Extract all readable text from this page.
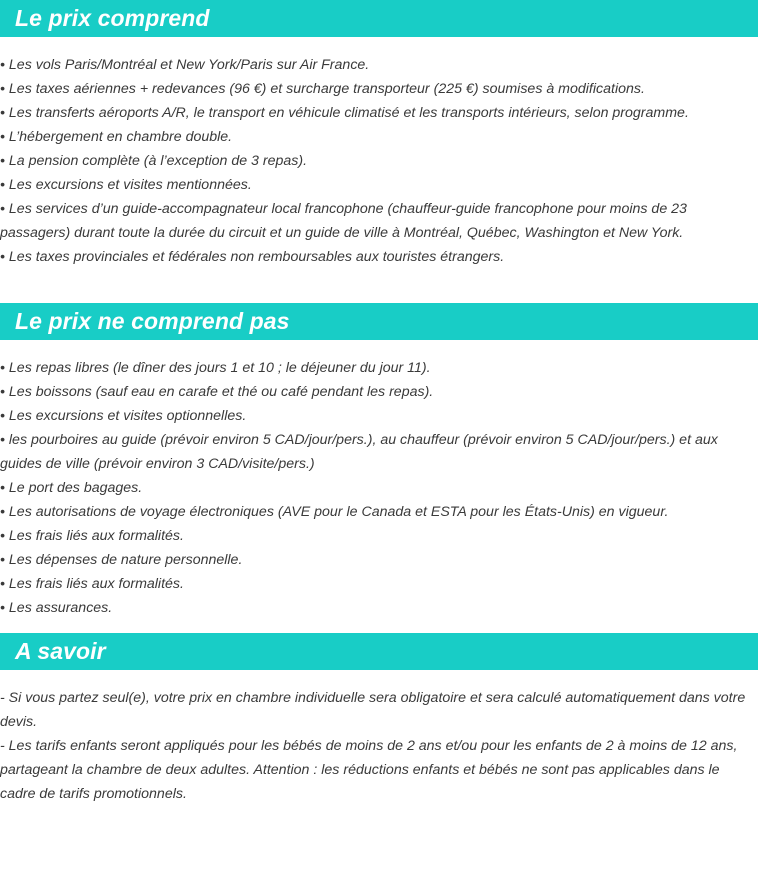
Le prix comprend
• Les vols Paris/Montréal et New York/Paris sur Air France.
• Les taxes aériennes + redevances (96 €) et surcharge transporteur (225 €) soumises à modifications.
• Les transferts aéroports A/R, le transport en véhicule climatisé et les transports intérieurs, selon programme.
• L’hébergement en chambre double.
• La pension complète (à l’exception de 3 repas).
• Les excursions et visites mentionnées.
• Les services d’un guide-accompagnateur local francophone (chauffeur-guide francophone pour moins de 23 passagers) durant toute la durée du circuit et un guide de ville à Montréal, Québec, Washington et New York.
• Les taxes provinciales et fédérales non remboursables aux touristes étrangers.
Le prix ne comprend pas
• Les repas libres (le dîner des jours 1 et 10 ; le déjeuner du jour 11).
• Les boissons (sauf eau en carafe et thé ou café pendant les repas).
• Les excursions et visites optionnelles.
• les pourboires au guide (prévoir environ 5 CAD/jour/pers.), au chauffeur (prévoir environ 5 CAD/jour/pers.) et aux guides de ville (prévoir environ 3 CAD/visite/pers.)
• Le port des bagages.
• Les autorisations de voyage électroniques (AVE pour le Canada et ESTA pour les États-Unis) en vigueur.
• Les frais liés aux formalités.
• Les dépenses de nature personnelle.
• Les frais liés aux formalités.
• Les assurances.
A savoir
- Si vous partez seul(e), votre prix en chambre individuelle sera obligatoire et sera calculé automatiquement dans votre devis.
- Les tarifs enfants seront appliqués pour les bébés de moins de 2 ans et/ou pour les enfants de 2 à moins de 12 ans, partageant la chambre de deux adultes. Attention : les réductions enfants et bébés ne sont pas applicables dans le cadre de tarifs promotionnels.
